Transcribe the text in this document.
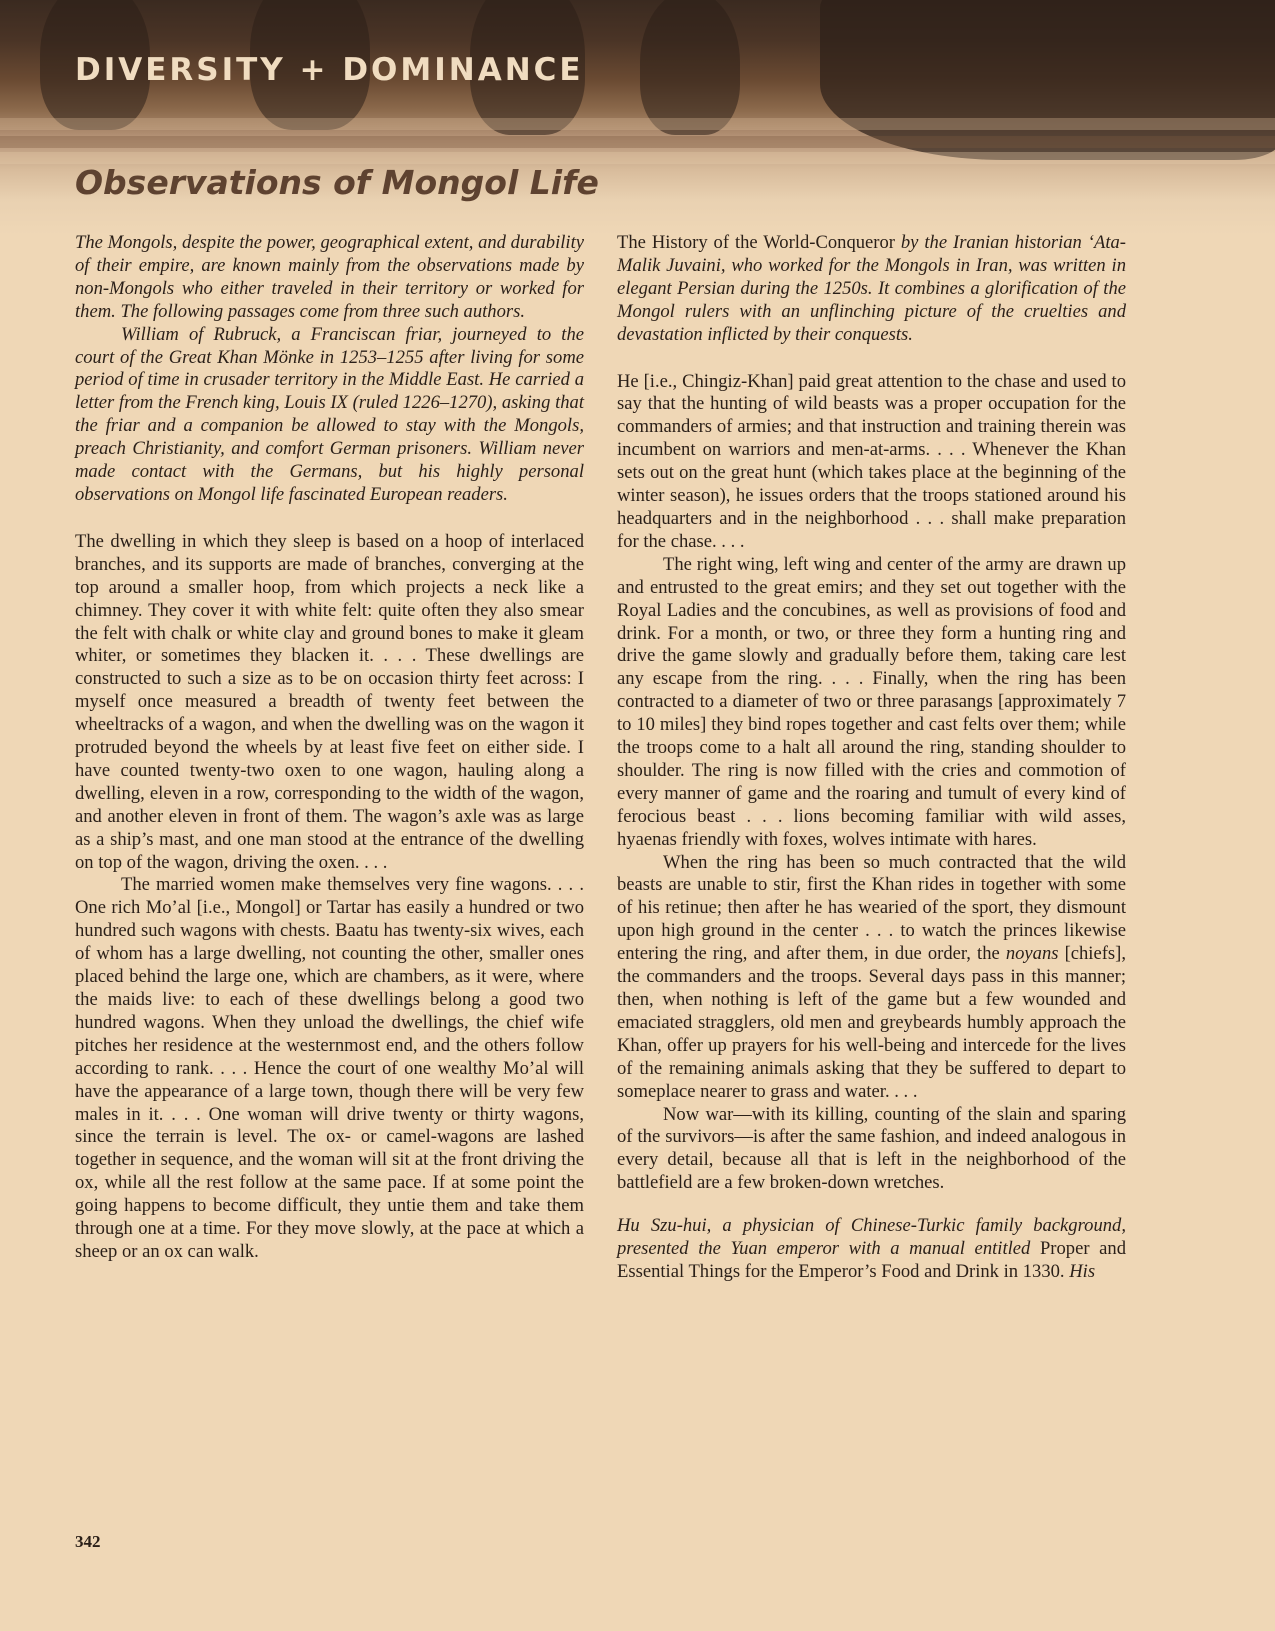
DIVERSITY + DOMINANCE
Observations of Mongol Life

The Mongols, despite the power, geographical extent, and durability of their empire, are known mainly from the observations made by non-Mongols who either traveled in their territory or worked for them. The following passages come from three such authors.

William of Rubruck, a Franciscan friar, journeyed to the court of the Great Khan Mönke in 1253–1255 after living for some period of time in crusader territory in the Middle East. He carried a letter from the French king, Louis IX (ruled 1226–1270), asking that the friar and a companion be allowed to stay with the Mongols, preach Christianity, and comfort German prisoners. William never made contact with the Germans, but his highly personal observations on Mongol life fascinated European readers.

The dwelling in which they sleep is based on a hoop of interlaced branches, and its supports are made of branches, converging at the top around a smaller hoop, from which projects a neck like a chimney. They cover it with white felt: quite often they also smear the felt with chalk or white clay and ground bones to make it gleam whiter, or sometimes they blacken it. . . . These dwellings are constructed to such a size as to be on occasion thirty feet across: I myself once measured a breadth of twenty feet between the wheeltracks of a wagon, and when the dwelling was on the wagon it protruded beyond the wheels by at least five feet on either side. I have counted twenty-two oxen to one wagon, hauling along a dwelling, eleven in a row, corresponding to the width of the wagon, and another eleven in front of them. The wagon’s axle was as large as a ship’s mast, and one man stood at the entrance of the dwelling on top of the wagon, driving the oxen. . . .

The married women make themselves very fine wagons. . . . One rich Mo’al [i.e., Mongol] or Tartar has easily a hundred or two hundred such wagons with chests. Baatu has twenty-six wives, each of whom has a large dwelling, not counting the other, smaller ones placed behind the large one, which are chambers, as it were, where the maids live: to each of these dwellings belong a good two hundred wagons. When they unload the dwellings, the chief wife pitches her residence at the westernmost end, and the others follow according to rank. . . . Hence the court of one wealthy Mo’al will have the appearance of a large town, though there will be very few males in it. . . . One woman will drive twenty or thirty wagons, since the terrain is level. The ox- or camel-wagons are lashed together in sequence, and the woman will sit at the front driving the ox, while all the rest follow at the same pace. If at some point the going happens to become difficult, they untie them and take them through one at a time. For they move slowly, at the pace at which a sheep or an ox can walk.

The History of the World-Conqueror by the Iranian historian ‘Ata-Malik Juvaini, who worked for the Mongols in Iran, was written in elegant Persian during the 1250s. It combines a glorification of the Mongol rulers with an unflinching picture of the cruelties and devastation inflicted by their conquests.

He [i.e., Chingiz-Khan] paid great attention to the chase and used to say that the hunting of wild beasts was a proper occupation for the commanders of armies; and that instruction and training therein was incumbent on warriors and men-at-arms. . . . Whenever the Khan sets out on the great hunt (which takes place at the beginning of the winter season), he issues orders that the troops stationed around his headquarters and in the neighborhood . . . shall make preparation for the chase. . . .

The right wing, left wing and center of the army are drawn up and entrusted to the great emirs; and they set out together with the Royal Ladies and the concubines, as well as provisions of food and drink. For a month, or two, or three they form a hunting ring and drive the game slowly and gradually before them, taking care lest any escape from the ring. . . . Finally, when the ring has been contracted to a diameter of two or three parasangs [approximately 7 to 10 miles] they bind ropes together and cast felts over them; while the troops come to a halt all around the ring, standing shoulder to shoulder. The ring is now filled with the cries and commotion of every manner of game and the roaring and tumult of every kind of ferocious beast . . . lions becoming familiar with wild asses, hyaenas friendly with foxes, wolves intimate with hares.

When the ring has been so much contracted that the wild beasts are unable to stir, first the Khan rides in together with some of his retinue; then after he has wearied of the sport, they dismount upon high ground in the center . . . to watch the princes likewise entering the ring, and after them, in due order, the noyans [chiefs], the commanders and the troops. Several days pass in this manner; then, when nothing is left of the game but a few wounded and emaciated stragglers, old men and greybeards humbly approach the Khan, offer up prayers for his well-being and intercede for the lives of the remaining animals asking that they be suffered to depart to someplace nearer to grass and water. . . .

Now war—with its killing, counting of the slain and sparing of the survivors—is after the same fashion, and indeed analogous in every detail, because all that is left in the neighborhood of the battlefield are a few broken-down wretches.

Hu Szu-hui, a physician of Chinese-Turkic family background, presented the Yuan emperor with a manual entitled Proper and Essential Things for the Emperor’s Food and Drink in 1330. His

342
